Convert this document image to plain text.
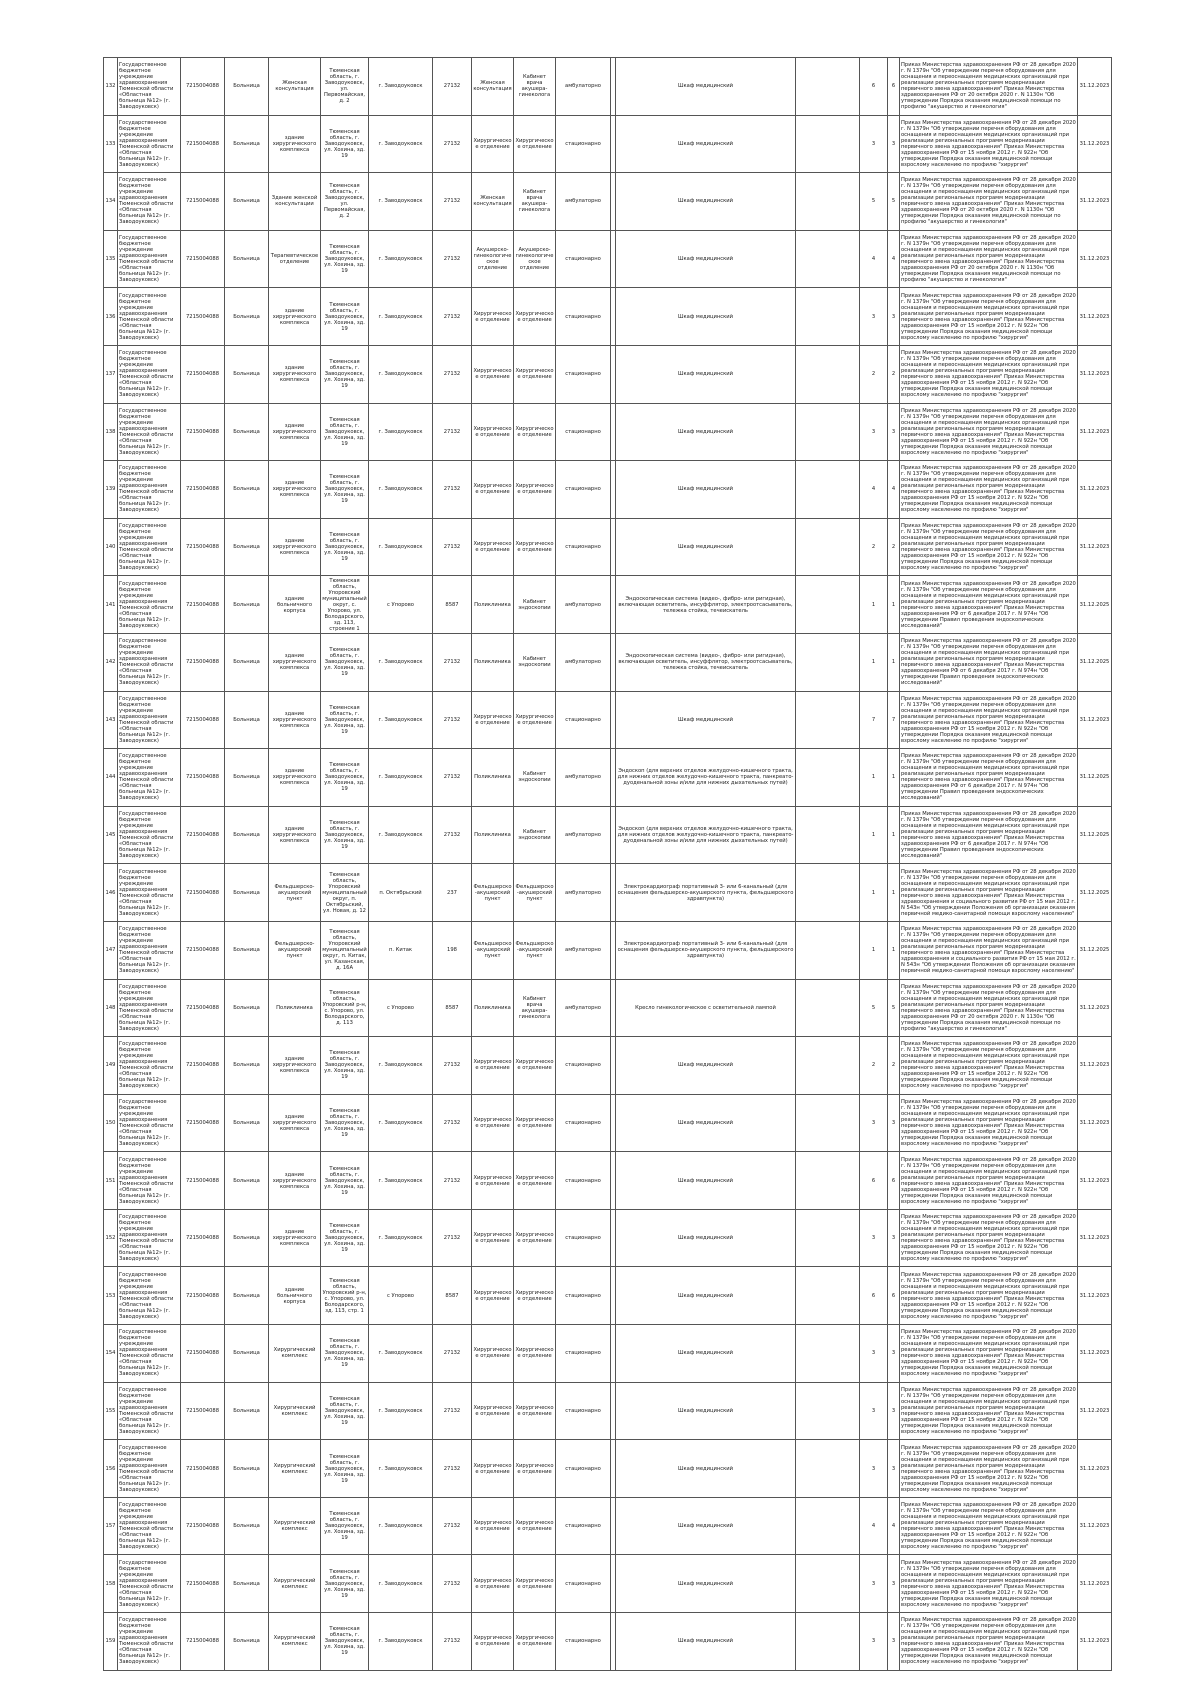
132	Государственное бюджетное учреждение здравоохранения Тюменской области «Областная больница №12» (г. Заводоуковск)	7215004088	Больница	Женская консультация	Тюменская область, г. Заводоуковск, ул. Первомайская, д. 2	г. Заводоуковск	27132	Женская консультация	Кабинет врача акушера-гинеколога	амбулаторно		Шкаф медицинский		6	6	Приказ Министерства здравоохранения РФ от 28 декабря 2020 г. N 1379н "Об утверждении перечня оборудования для оснащения и переоснащения медицинских организаций при реализации региональных программ модернизации первичного звена здравоохранения" Приказ Министерства здравоохранения РФ от 20 октября 2020 г. N 1130н "Об утверждении Порядка оказания медицинской помощи по профилю "акушерство и гинекология"	31.12.2023
133	Государственное бюджетное учреждение здравоохранения Тюменской области «Областная больница №12» (г. Заводоуковск)	7215004088	Больница	здание хирургического комплекса	Тюменская область, г. Заводоуковск, ул. Хохина, зд. 19	г. Заводоуковск	27132	Хирургическое отделение	Хирургическое отделение	стационарно		Шкаф медицинский		3	3	Приказ Министерства здравоохранения РФ от 28 декабря 2020 г. N 1379н "Об утверждении перечня оборудования для оснащения и переоснащения медицинских организаций при реализации региональных программ модернизации первичного звена здравоохранения" Приказ Министерства здравоохранения РФ от 15 ноября 2012 г. N 922н "Об утверждении Порядка оказания медицинской помощи взрослому населению по профилю "хирургия"	31.12.2023
134	Государственное бюджетное учреждение здравоохранения Тюменской области «Областная больница №12» (г. Заводоуковск)	7215004088	Больница	Здание женской консультации	Тюменская область, г. Заводоуковск, ул. Первомайская, д. 2	г. Заводоуковск	27132	Женская консультация	Кабинет врача акушера-гинеколога	амбулаторно		Шкаф медицинский		5	5	Приказ Министерства здравоохранения РФ от 28 декабря 2020 г. N 1379н "Об утверждении перечня оборудования для оснащения и переоснащения медицинских организаций при реализации региональных программ модернизации первичного звена здравоохранения" Приказ Министерства здравоохранения РФ от 20 октября 2020 г. N 1130н "Об утверждении Порядка оказания медицинской помощи по профилю "акушерство и гинекология"	31.12.2023
135	Государственное бюджетное учреждение здравоохранения Тюменской области «Областная больница №12» (г. Заводоуковск)	7215004088	Больница	Терапевтическое отделение	Тюменская область, г. Заводоуковск, ул. Хохина, зд. 19	г. Заводоуковск	27132	Акушерско-гинекологическое отделение	Акушерско-гинекологическое отделение	стационарно		Шкаф медицинский		4	4	Приказ Министерства здравоохранения РФ от 28 декабря 2020 г. N 1379н "Об утверждении перечня оборудования для оснащения и переоснащения медицинских организаций при реализации региональных программ модернизации первичного звена здравоохранения" Приказ Министерства здравоохранения РФ от 20 октября 2020 г. N 1130н "Об утверждении Порядка оказания медицинской помощи по профилю "акушерство и гинекология"	31.12.2023
136	Государственное бюджетное учреждение здравоохранения Тюменской области «Областная больница №12» (г. Заводоуковск)	7215004088	Больница	здание хирургического комплекса	Тюменская область, г. Заводоуковск, ул. Хохина, зд. 19	г. Заводоуковск	27132	Хирургическое отделение	Хирургическое отделение	стационарно		Шкаф медицинский		3	3	Приказ Министерства здравоохранения РФ от 28 декабря 2020 г. N 1379н "Об утверждении перечня оборудования для оснащения и переоснащения медицинских организаций при реализации региональных программ модернизации первичного звена здравоохранения" Приказ Министерства здравоохранения РФ от 15 ноября 2012 г. N 922н "Об утверждении Порядка оказания медицинской помощи взрослому населению по профилю "хирургия"	31.12.2023
137	Государственное бюджетное учреждение здравоохранения Тюменской области «Областная больница №12» (г. Заводоуковск)	7215004088	Больница	здание хирургического комплекса	Тюменская область, г. Заводоуковск, ул. Хохина, зд. 19	г. Заводоуковск	27132	Хирургическое отделение	Хирургическое отделение	стационарно		Шкаф медицинский		2	2	Приказ Министерства здравоохранения РФ от 28 декабря 2020 г. N 1379н "Об утверждении перечня оборудования для оснащения и переоснащения медицинских организаций при реализации региональных программ модернизации первичного звена здравоохранения" Приказ Министерства здравоохранения РФ от 15 ноября 2012 г. N 922н "Об утверждении Порядка оказания медицинской помощи взрослому населению по профилю "хирургия"	31.12.2023
138	Государственное бюджетное учреждение здравоохранения Тюменской области «Областная больница №12» (г. Заводоуковск)	7215004088	Больница	здание хирургического комплекса	Тюменская область, г. Заводоуковск, ул. Хохина, зд. 19	г. Заводоуковск	27132	Хирургическое отделение	Хирургическое отделение	стационарно		Шкаф медицинский		3	3	Приказ Министерства здравоохранения РФ от 28 декабря 2020 г. N 1379н "Об утверждении перечня оборудования для оснащения и переоснащения медицинских организаций при реализации региональных программ модернизации первичного звена здравоохранения" Приказ Министерства здравоохранения РФ от 15 ноября 2012 г. N 922н "Об утверждении Порядка оказания медицинской помощи взрослому населению по профилю "хирургия"	31.12.2023
139	Государственное бюджетное учреждение здравоохранения Тюменской области «Областная больница №12» (г. Заводоуковск)	7215004088	Больница	здание хирургического комплекса	Тюменская область, г. Заводоуковск, ул. Хохина, зд. 19	г. Заводоуковск	27132	Хирургическое отделение	Хирургическое отделение	стационарно		Шкаф медицинский		4	4	Приказ Министерства здравоохранения РФ от 28 декабря 2020 г. N 1379н "Об утверждении перечня оборудования для оснащения и переоснащения медицинских организаций при реализации региональных программ модернизации первичного звена здравоохранения" Приказ Министерства здравоохранения РФ от 15 ноября 2012 г. N 922н "Об утверждении Порядка оказания медицинской помощи взрослому населению по профилю "хирургия"	31.12.2023
140	Государственное бюджетное учреждение здравоохранения Тюменской области «Областная больница №12» (г. Заводоуковск)	7215004088	Больница	здание хирургического комплекса	Тюменская область, г. Заводоуковск, ул. Хохина, зд. 19	г. Заводоуковск	27132	Хирургическое отделение	Хирургическое отделение	стационарно		Шкаф медицинский		2	2	Приказ Министерства здравоохранения РФ от 28 декабря 2020 г. N 1379н "Об утверждении перечня оборудования для оснащения и переоснащения медицинских организаций при реализации региональных программ модернизации первичного звена здравоохранения" Приказ Министерства здравоохранения РФ от 15 ноября 2012 г. N 922н "Об утверждении Порядка оказания медицинской помощи взрослому населению по профилю "хирургия"	31.12.2023
141	Государственное бюджетное учреждение здравоохранения Тюменской области «Областная больница №12» (г. Заводоуковск)	7215004088	Больница	здание больничного корпуса	Тюменская область, Упоровский муниципальный округ, с. Упорово, ул. Володарского, зд. 113, строение 1	с Упорово	8587	Поликлиника	Кабинет эндоскопии	амбулаторно		Эндоскопическая система (видео-, фибро- или ригидная), включающая осветитель, инсуффлятор, электроотсасыватель, тележка стойка, течеискатель		1	1	Приказ Министерства здравоохранения РФ от 28 декабря 2020 г. N 1379н "Об утверждении перечня оборудования для оснащения и переоснащения медицинских организаций при реализации региональных программ модернизации первичного звена здравоохранения" Приказ Министерства здравоохранения РФ от 6 декабря 2017 г. N 974н "Об утверждении Правил проведения эндоскопических исследований"	31.12.2025
142	Государственное бюджетное учреждение здравоохранения Тюменской области «Областная больница №12» (г. Заводоуковск)	7215004088	Больница	здание хирургического комплекса	Тюменская область, г. Заводоуковск, ул. Хохина, зд. 19	г. Заводоуковск	27132	Поликлиника	Кабинет эндоскопии	амбулаторно		Эндоскопическая система (видео-, фибро- или ригидная), включающая осветитель, инсуффлятор, электроотсасыватель, тележка стойка, течеискатель		1	1	Приказ Министерства здравоохранения РФ от 28 декабря 2020 г. N 1379н "Об утверждении перечня оборудования для оснащения и переоснащения медицинских организаций при реализации региональных программ модернизации первичного звена здравоохранения" Приказ Министерства здравоохранения РФ от 6 декабря 2017 г. N 974н "Об утверждении Правил проведения эндоскопических исследований"	31.12.2025
143	Государственное бюджетное учреждение здравоохранения Тюменской области «Областная больница №12» (г. Заводоуковск)	7215004088	Больница	здание хирургического комплекса	Тюменская область, г. Заводоуковск, ул. Хохина, зд. 19	г. Заводоуковск	27132	Хирургическое отделение	Хирургическое отделение	стационарно		Шкаф медицинский		7	7	Приказ Министерства здравоохранения РФ от 28 декабря 2020 г. N 1379н "Об утверждении перечня оборудования для оснащения и переоснащения медицинских организаций при реализации региональных программ модернизации первичного звена здравоохранения" Приказ Министерства здравоохранения РФ от 15 ноября 2012 г. N 922н "Об утверждении Порядка оказания медицинской помощи взрослому населению по профилю "хирургия"	31.12.2023
144	Государственное бюджетное учреждение здравоохранения Тюменской области «Областная больница №12» (г. Заводоуковск)	7215004088	Больница	здание хирургического комплекса	Тюменская область, г. Заводоуковск, ул. Хохина, зд. 19	г. Заводоуковск	27132	Поликлиника	Кабинет эндоскопии	амбулаторно		Эндоскоп (для верхних отделов желудочно-кишечного тракта, для нижних отделов желудочно-кишечного тракта, панкреато-дуоденальной зоны и/или для нижних дыхательных путей)		1	1	Приказ Министерства здравоохранения РФ от 28 декабря 2020 г. N 1379н "Об утверждении перечня оборудования для оснащения и переоснащения медицинских организаций при реализации региональных программ модернизации первичного звена здравоохранения" Приказ Министерства здравоохранения РФ от 6 декабря 2017 г. N 974н "Об утверждении Правил проведения эндоскопических исследований"	31.12.2025
145	Государственное бюджетное учреждение здравоохранения Тюменской области «Областная больница №12» (г. Заводоуковск)	7215004088	Больница	здание хирургического комплекса	Тюменская область, г. Заводоуковск, ул. Хохина, зд. 19	г. Заводоуковск	27132	Поликлиника	Кабинет эндоскопии	амбулаторно		Эндоскоп (для верхних отделов желудочно-кишечного тракта, для нижних отделов желудочно-кишечного тракта, панкреато-дуоденальной зоны и/или для нижних дыхательных путей)		1	1	Приказ Министерства здравоохранения РФ от 28 декабря 2020 г. N 1379н "Об утверждении перечня оборудования для оснащения и переоснащения медицинских организаций при реализации региональных программ модернизации первичного звена здравоохранения" Приказ Министерства здравоохранения РФ от 6 декабря 2017 г. N 974н "Об утверждении Правил проведения эндоскопических исследований"	31.12.2025
146	Государственное бюджетное учреждение здравоохранения Тюменской области «Областная больница №12» (г. Заводоуковск)	7215004088	Больница	Фельдшерско-акушерский пункт	Тюменская область, Упоровский муниципальный округ, п. Октябрьский, ул. Новая, д. 12	п. Октябрьский	237	Фельдшерско-акушерский пункт	Фельдшерско-акушерский пункт	амбулаторно		Электрокардиограф портативный 3- или 6-канальный (для оснащения фельдшерско-акушерского пункта, фельдшерского здравпункта)		1	1	Приказ Министерства здравоохранения РФ от 28 декабря 2020 г. N 1379н "Об утверждении перечня оборудования для оснащения и переоснащения медицинских организаций при реализации региональных программ модернизации первичного звена здравоохранения" Приказ Министерства здравоохранения и социального развития РФ от 15 мая 2012 г. N 543н "Об утверждении Положения об организации оказания первичной медико-санитарной помощи взрослому населению"	31.12.2025
147	Государственное бюджетное учреждение здравоохранения Тюменской области «Областная больница №12» (г. Заводоуковск)	7215004088	Больница	Фельдшерско-акушерский пункт	Тюменская область, Упоровский муниципальный округ, п. Китак, ул. Казанская, д. 16А	п. Китак	198	Фельдшерско-акушерский пункт	Фельдшерско-акушерский пункт	амбулаторно		Электрокардиограф портативный 3- или 6-канальный (для оснащения фельдшерско-акушерского пункта, фельдшерского здравпункта)		1	1	Приказ Министерства здравоохранения РФ от 28 декабря 2020 г. N 1379н "Об утверждении перечня оборудования для оснащения и переоснащения медицинских организаций при реализации региональных программ модернизации первичного звена здравоохранения" Приказ Министерства здравоохранения и социального развития РФ от 15 мая 2012 г. N 543н "Об утверждении Положения об организации оказания первичной медико-санитарной помощи взрослому населению"	31.12.2025
148	Государственное бюджетное учреждение здравоохранения Тюменской области «Областная больница №12» (г. Заводоуковск)	7215004088	Больница	Поликлиника	Тюменская область, Упоровский р-н, с. Упорово, ул. Володарского, д. 113	с Упорово	8587	Поликлиника	Кабинет врача акушера-гинеколога	амбулаторно		Кресло гинекологическое с осветительной лампой		5	5	Приказ Министерства здравоохранения РФ от 28 декабря 2020 г. N 1379н "Об утверждении перечня оборудования для оснащения и переоснащения медицинских организаций при реализации региональных программ модернизации первичного звена здравоохранения" Приказ Министерства здравоохранения РФ от 20 октября 2020 г. N 1130н "Об утверждении Порядка оказания медицинской помощи по профилю "акушерство и гинекология"	31.12.2023
149	Государственное бюджетное учреждение здравоохранения Тюменской области «Областная больница №12» (г. Заводоуковск)	7215004088	Больница	здание хирургического комплекса	Тюменская область, г. Заводоуковск, ул. Хохина, зд. 19	г. Заводоуковск	27132	Хирургическое отделение	Хирургическое отделение	стационарно		Шкаф медицинский		2	2	Приказ Министерства здравоохранения РФ от 28 декабря 2020 г. N 1379н "Об утверждении перечня оборудования для оснащения и переоснащения медицинских организаций при реализации региональных программ модернизации первичного звена здравоохранения" Приказ Министерства здравоохранения РФ от 15 ноября 2012 г. N 922н "Об утверждении Порядка оказания медицинской помощи взрослому населению по профилю "хирургия"	31.12.2023
150	Государственное бюджетное учреждение здравоохранения Тюменской области «Областная больница №12» (г. Заводоуковск)	7215004088	Больница	здание хирургического комплекса	Тюменская область, г. Заводоуковск, ул. Хохина, зд. 19	г. Заводоуковск	27132	Хирургическое отделение	Хирургическое отделение	стационарно		Шкаф медицинский		3	3	Приказ Министерства здравоохранения РФ от 28 декабря 2020 г. N 1379н "Об утверждении перечня оборудования для оснащения и переоснащения медицинских организаций при реализации региональных программ модернизации первичного звена здравоохранения" Приказ Министерства здравоохранения РФ от 15 ноября 2012 г. N 922н "Об утверждении Порядка оказания медицинской помощи взрослому населению по профилю "хирургия"	31.12.2023
151	Государственное бюджетное учреждение здравоохранения Тюменской области «Областная больница №12» (г. Заводоуковск)	7215004088	Больница	здание хирургического комплекса	Тюменская область, г. Заводоуковск, ул. Хохина, зд. 19	г. Заводоуковск	27132	Хирургическое отделение	Хирургическое отделение	стационарно		Шкаф медицинский		6	6	Приказ Министерства здравоохранения РФ от 28 декабря 2020 г. N 1379н "Об утверждении перечня оборудования для оснащения и переоснащения медицинских организаций при реализации региональных программ модернизации первичного звена здравоохранения" Приказ Министерства здравоохранения РФ от 15 ноября 2012 г. N 922н "Об утверждении Порядка оказания медицинской помощи взрослому населению по профилю "хирургия"	31.12.2023
152	Государственное бюджетное учреждение здравоохранения Тюменской области «Областная больница №12» (г. Заводоуковск)	7215004088	Больница	здание хирургического комплекса	Тюменская область, г. Заводоуковск, ул. Хохина, зд. 19	г. Заводоуковск	27132	Хирургическое отделение	Хирургическое отделение	стационарно		Шкаф медицинский		3	3	Приказ Министерства здравоохранения РФ от 28 декабря 2020 г. N 1379н "Об утверждении перечня оборудования для оснащения и переоснащения медицинских организаций при реализации региональных программ модернизации первичного звена здравоохранения" Приказ Министерства здравоохранения РФ от 15 ноября 2012 г. N 922н "Об утверждении Порядка оказания медицинской помощи взрослому населению по профилю "хирургия"	31.12.2023
153	Государственное бюджетное учреждение здравоохранения Тюменской области «Областная больница №12» (г. Заводоуковск)	7215004088	Больница	здание больничного корпуса	Тюменская область, Упоровский р-н, с. Упорово, ул. Володарского, зд. 113, стр. 1	с Упорово	8587	Хирургическое отделение	Хирургическое отделение	стационарно		Шкаф медицинский		6	6	Приказ Министерства здравоохранения РФ от 28 декабря 2020 г. N 1379н "Об утверждении перечня оборудования для оснащения и переоснащения медицинских организаций при реализации региональных программ модернизации первичного звена здравоохранения" Приказ Министерства здравоохранения РФ от 15 ноября 2012 г. N 922н "Об утверждении Порядка оказания медицинской помощи взрослому населению по профилю "хирургия"	31.12.2023
154	Государственное бюджетное учреждение здравоохранения Тюменской области «Областная больница №12» (г. Заводоуковск)	7215004088	Больница	Хирургический комплекс	Тюменская область, г. Заводоуковск, ул. Хохина, зд. 19	г. Заводоуковск	27132	Хирургическое отделение	Хирургическое отделение	стационарно		Шкаф медицинский		3	3	Приказ Министерства здравоохранения РФ от 28 декабря 2020 г. N 1379н "Об утверждении перечня оборудования для оснащения и переоснащения медицинских организаций при реализации региональных программ модернизации первичного звена здравоохранения" Приказ Министерства здравоохранения РФ от 15 ноября 2012 г. N 922н "Об утверждении Порядка оказания медицинской помощи взрослому населению по профилю "хирургия"	31.12.2023
155	Государственное бюджетное учреждение здравоохранения Тюменской области «Областная больница №12» (г. Заводоуковск)	7215004088	Больница	Хирургический комплекс	Тюменская область, г. Заводоуковск, ул. Хохина, зд. 19	г. Заводоуковск	27132	Хирургическое отделение	Хирургическое отделение	стационарно		Шкаф медицинский		3	3	Приказ Министерства здравоохранения РФ от 28 декабря 2020 г. N 1379н "Об утверждении перечня оборудования для оснащения и переоснащения медицинских организаций при реализации региональных программ модернизации первичного звена здравоохранения" Приказ Министерства здравоохранения РФ от 15 ноября 2012 г. N 922н "Об утверждении Порядка оказания медицинской помощи взрослому населению по профилю "хирургия"	31.12.2023
156	Государственное бюджетное учреждение здравоохранения Тюменской области «Областная больница №12» (г. Заводоуковск)	7215004088	Больница	Хирургический комплекс	Тюменская область, г. Заводоуковск, ул. Хохина, зд. 19	г. Заводоуковск	27132	Хирургическое отделение	Хирургическое отделение	стационарно		Шкаф медицинский		3	3	Приказ Министерства здравоохранения РФ от 28 декабря 2020 г. N 1379н "Об утверждении перечня оборудования для оснащения и переоснащения медицинских организаций при реализации региональных программ модернизации первичного звена здравоохранения" Приказ Министерства здравоохранения РФ от 15 ноября 2012 г. N 922н "Об утверждении Порядка оказания медицинской помощи взрослому населению по профилю "хирургия"	31.12.2023
157	Государственное бюджетное учреждение здравоохранения Тюменской области «Областная больница №12» (г. Заводоуковск)	7215004088	Больница	Хирургический комплекс	Тюменская область, г. Заводоуковск, ул. Хохина, зд. 19	г. Заводоуковск	27132	Хирургическое отделение	Хирургическое отделение	стационарно		Шкаф медицинский		4	4	Приказ Министерства здравоохранения РФ от 28 декабря 2020 г. N 1379н "Об утверждении перечня оборудования для оснащения и переоснащения медицинских организаций при реализации региональных программ модернизации первичного звена здравоохранения" Приказ Министерства здравоохранения РФ от 15 ноября 2012 г. N 922н "Об утверждении Порядка оказания медицинской помощи взрослому населению по профилю "хирургия"	31.12.2023
158	Государственное бюджетное учреждение здравоохранения Тюменской области «Областная больница №12» (г. Заводоуковск)	7215004088	Больница	Хирургический комплекс	Тюменская область, г. Заводоуковск, ул. Хохина, зд. 19	г. Заводоуковск	27132	Хирургическое отделение	Хирургическое отделение	стационарно		Шкаф медицинский		3	3	Приказ Министерства здравоохранения РФ от 28 декабря 2020 г. N 1379н "Об утверждении перечня оборудования для оснащения и переоснащения медицинских организаций при реализации региональных программ модернизации первичного звена здравоохранения" Приказ Министерства здравоохранения РФ от 15 ноября 2012 г. N 922н "Об утверждении Порядка оказания медицинской помощи взрослому населению по профилю "хирургия"	31.12.2023
159	Государственное бюджетное учреждение здравоохранения Тюменской области «Областная больница №12» (г. Заводоуковск)	7215004088	Больница	Хирургический комплекс	Тюменская область, г. Заводоуковск, ул. Хохина, зд. 19	г. Заводоуковск	27132	Хирургическое отделение	Хирургическое отделение	стационарно		Шкаф медицинский		3	3	Приказ Министерства здравоохранения РФ от 28 декабря 2020 г. N 1379н "Об утверждении перечня оборудования для оснащения и переоснащения медицинских организаций при реализации региональных программ модернизации первичного звена здравоохранения" Приказ Министерства здравоохранения РФ от 15 ноября 2012 г. N 922н "Об утверждении Порядка оказания медицинской помощи взрослому населению по профилю "хирургия"	31.12.2023
